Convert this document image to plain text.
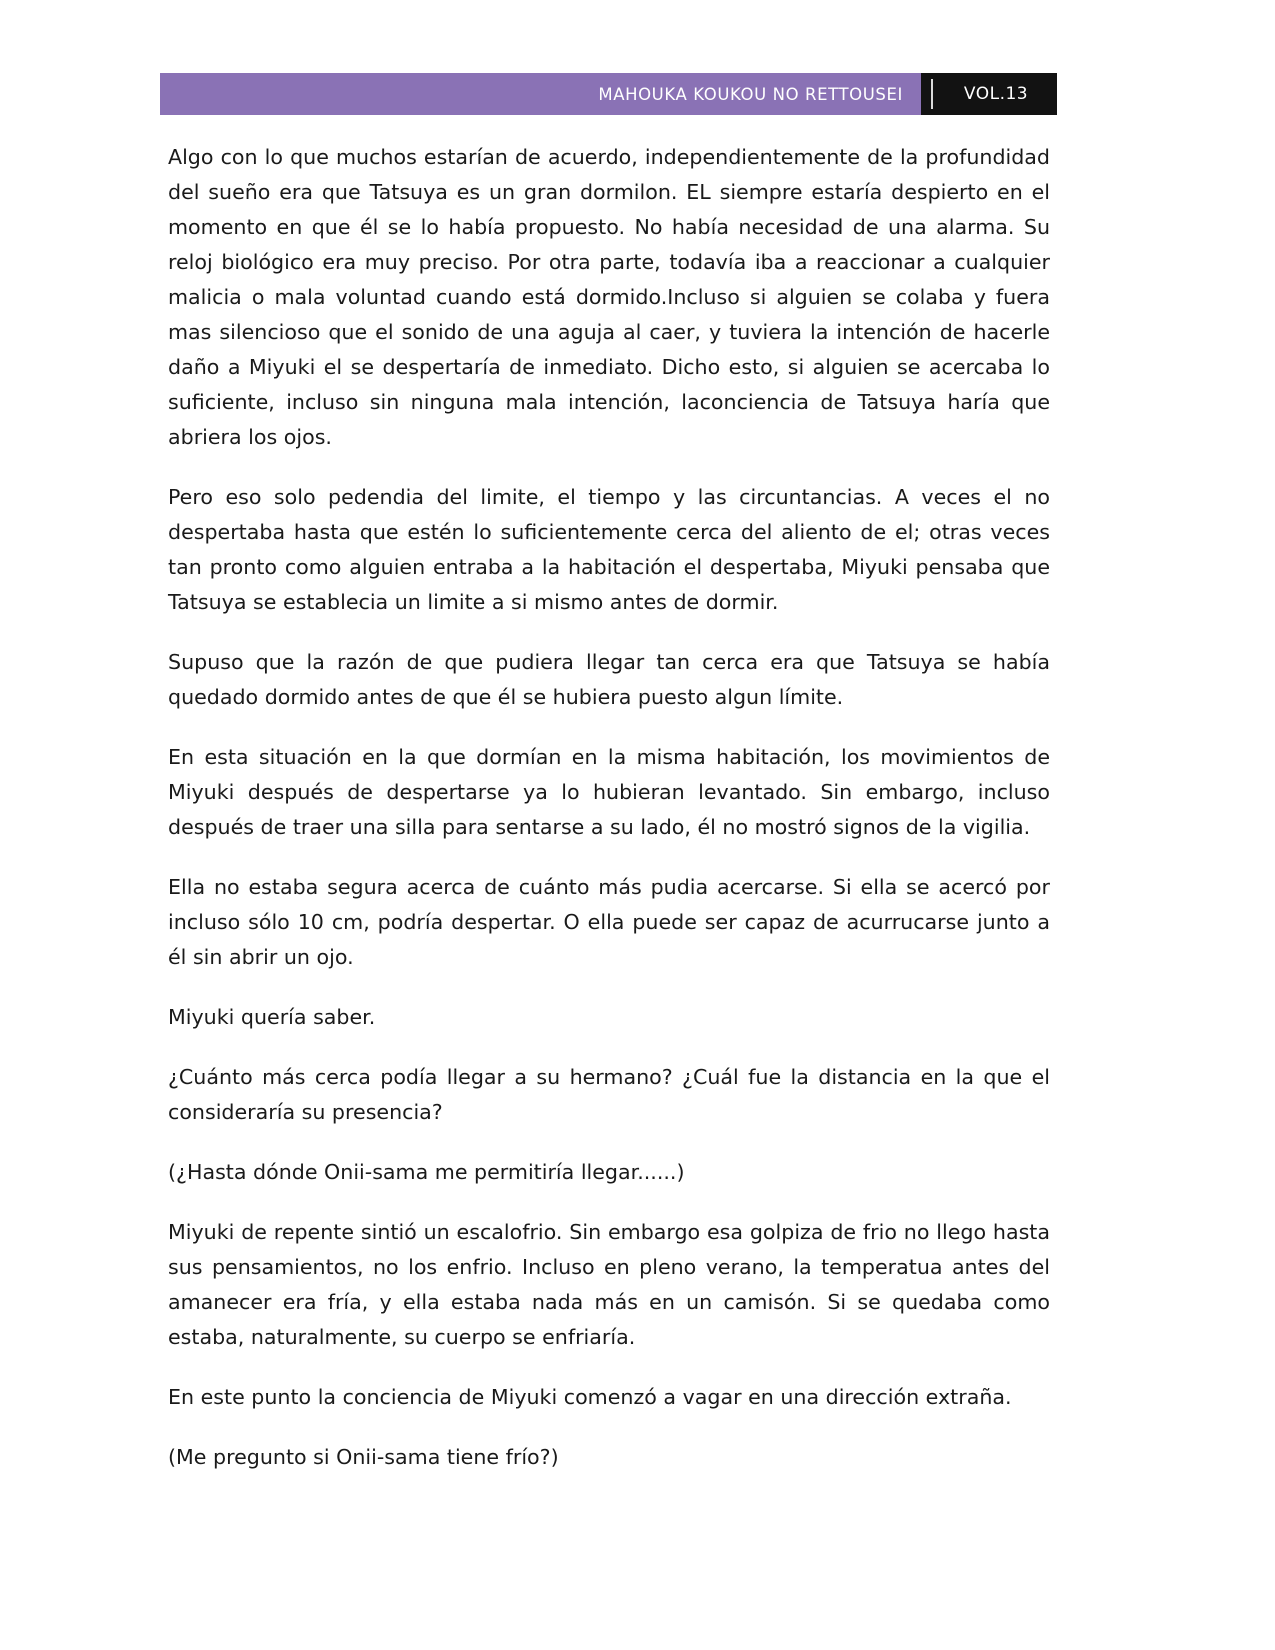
MAHOUKA KOUKOU NO RETTOUSEI	VOL.13

Algo con lo que muchos estarían de acuerdo, independientemente de la profundidad del sueño era que Tatsuya es un gran dormilon. EL siempre estaría despierto en el momento en que él se lo había propuesto. No había necesidad de una alarma. Su reloj biológico era muy preciso. Por otra parte, todavía iba a reaccionar a cualquier malicia o mala voluntad cuando está dormido.Incluso si alguien se colaba y fuera mas silencioso que el sonido de una aguja al caer, y tuviera la intención de hacerle daño a Miyuki el se despertaría de inmediato. Dicho esto, si alguien se acercaba lo suficiente, incluso sin ninguna mala intención, laconciencia de Tatsuya haría que abriera los ojos.

Pero eso solo pedendia del limite, el tiempo y las circuntancias. A veces el no despertaba hasta que estén lo suficientemente cerca del aliento de el; otras veces tan pronto como alguien entraba a la habitación el despertaba, Miyuki pensaba que Tatsuya se establecia un limite a si mismo antes de dormir.

Supuso que la razón de que pudiera llegar tan cerca era que Tatsuya se había quedado dormido antes de que él se hubiera puesto algun límite.

En esta situación en la que dormían en la misma habitación, los movimientos de Miyuki después de despertarse ya lo hubieran levantado. Sin embargo, incluso después de traer una silla para sentarse a su lado, él no mostró signos de la vigilia.

Ella no estaba segura acerca de cuánto más pudia acercarse. Si ella se acercó por incluso sólo 10 cm, podría despertar. O ella puede ser capaz de acurrucarse junto a él sin abrir un ojo.

Miyuki quería saber.

¿Cuánto más cerca podía llegar a su hermano? ¿Cuál fue la distancia en la que el consideraría su presencia?

(¿Hasta dónde Onii-sama me permitiría llegar......)

Miyuki de repente sintió un escalofrio. Sin embargo esa golpiza de frio no llego hasta sus pensamientos, no los enfrio. Incluso en pleno verano, la temperatua antes del amanecer era fría, y ella estaba nada más en un camisón. Si se quedaba como estaba, naturalmente, su cuerpo se enfriaría.

En este punto la conciencia de Miyuki comenzó a vagar en una dirección extraña.

(Me pregunto si Onii-sama tiene frío?)
